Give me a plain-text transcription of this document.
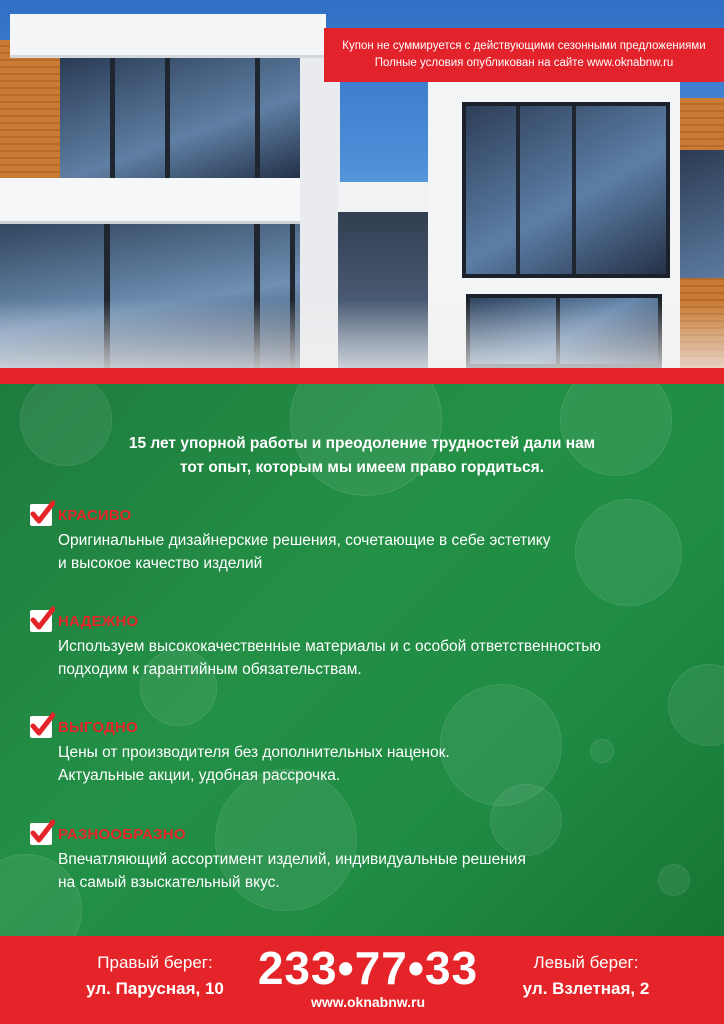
Купон не суммируется с действующими сезонными предложениями
Полные условия опубликован на сайте www.oknabnw.ru
15 лет упорной работы и преодоление трудностей дали нам
тот опыт, которым мы имеем право гордиться.
КРАСИВО
Оригинальные дизайнерские решения, сочетающие в себе эстетику
и высокое качество изделий
НАДЕЖНО
Используем высококачественные материалы и с особой ответственностью
подходим к гарантийным обязательствам.
ВЫГОДНО
Цены от производителя без дополнительных наценок.
Актуальные акции, удобная рассрочка.
РАЗНООБРАЗНО
Впечатляющий ассортимент изделий, индивидуальные решения
на самый взыскательный вкус.
Правый берег:
ул. Парусная, 10 233•77•33
www.oknabnw.ru
Левый берег:
ул. Взлетная, 2
